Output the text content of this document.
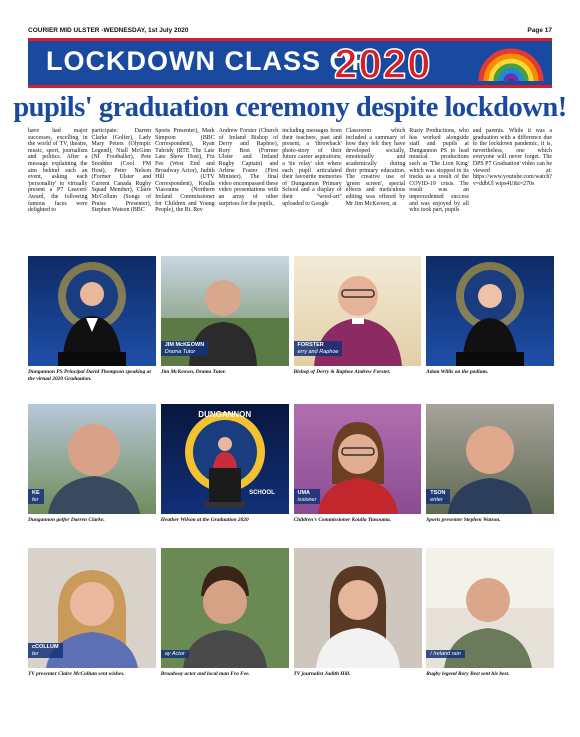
COURIER MID ULSTER -WEDNESDAY, 1st July 2020	Page 17
LOCKDOWN CLASS OF
2020
pupils' graduation ceremony despite lockdown!
have had major successes, excelling in the world of TV, theatre, music, sport, journalism and politics. After a message explaining the aim behind such an event, asking each 'personality' to virtually present a P7 Leavers' Award, the following famous faces were delighted to
participate: Darren Clarke (Golfer), Lady Mary Peters (Olympic Legend), Niall McGinn (NI Footballer), Pete Snodden (Cool FM Host), Peter Nelson (Former Ulster and Current Canada Rugby Squad Member), Claire McCollum (Songs of Praise Presenter), Stephen Watson (BBC
Sports Presenter), Mark Simpson (BBC Correspondent), Ryan Tubridy (RTE The Late Late Show Host), Fra Fee (West End and Broadway Actor), Judith Hill (UTV Correspondent), Koulla Yiasouma (Northern Ireland Commissioner for Children and Young People), the Rt. Rev
Andrew Forster (Church of Ireland Bishop of Derry and Raphoe), Rory Best (Former Ulster and Ireland Rugby Captain) and Arlene Foster (First Minister). The final video encompassed these video presentations with an array of other surprises for the pupils,
including messages from their teachers, past and present, a 'throwback' photo-story of their future career aspirations; a 'tie relay' slot where each pupil articulated their favourite memories of Dungannon Primary School and a display of their "word-art" uploaded to Google
Classroom which included a summary of how they felt they have developed socially, emotionally and academically during their primary education. The creative use of 'green screen', special effects and meticulous editing was offered by Mr Jim McKeown, at
Rusty Productions, who has worked alongside staff and pupils at Dungannon PS to lead musical productions such as 'The Lion King' which was stopped in its tracks as a result of the COVID-19 crisis. The result was an unprecedented success and was enjoyed by all who took part, pupils
and parents. While it was a graduation with a difference due to the lockdown pandemic, it is, nevertheless, one which everyone will never forget. The DPS P7 Graduation' video can be viewed at: https://www.youtube.com/watch?v=ddbUl wips4U&t=270s
Dungannon PS Principal David Thompson speaking at the virtual 2020 Graduation.
JIM McKEOWN
Drama Tutor
Jim McKeown, Drama Tutor.
FORSTER
erry and Raphoe
Bishop of Derry & Raphoe Andrew Forster.	Adam Willis on the podium.
KE
fer
Dungannon golfer Darren Clarke.
DUNGANNON
SCHOOL
Heather Wilson at the Graduation 2020
UMA
issioner
Children's Commissioner Koulla Yiasouma.
TSON
enter
Sports presenter Stephen Watson.
cCOLLUM
ter
TV presenter Claire McCollum sent wishes.
ay Actor
Broadway actor and local man Fra Fee.	TV journalist Judith Hill.
/ Ireland rain
Rugby legend Rory Best sent his best.
